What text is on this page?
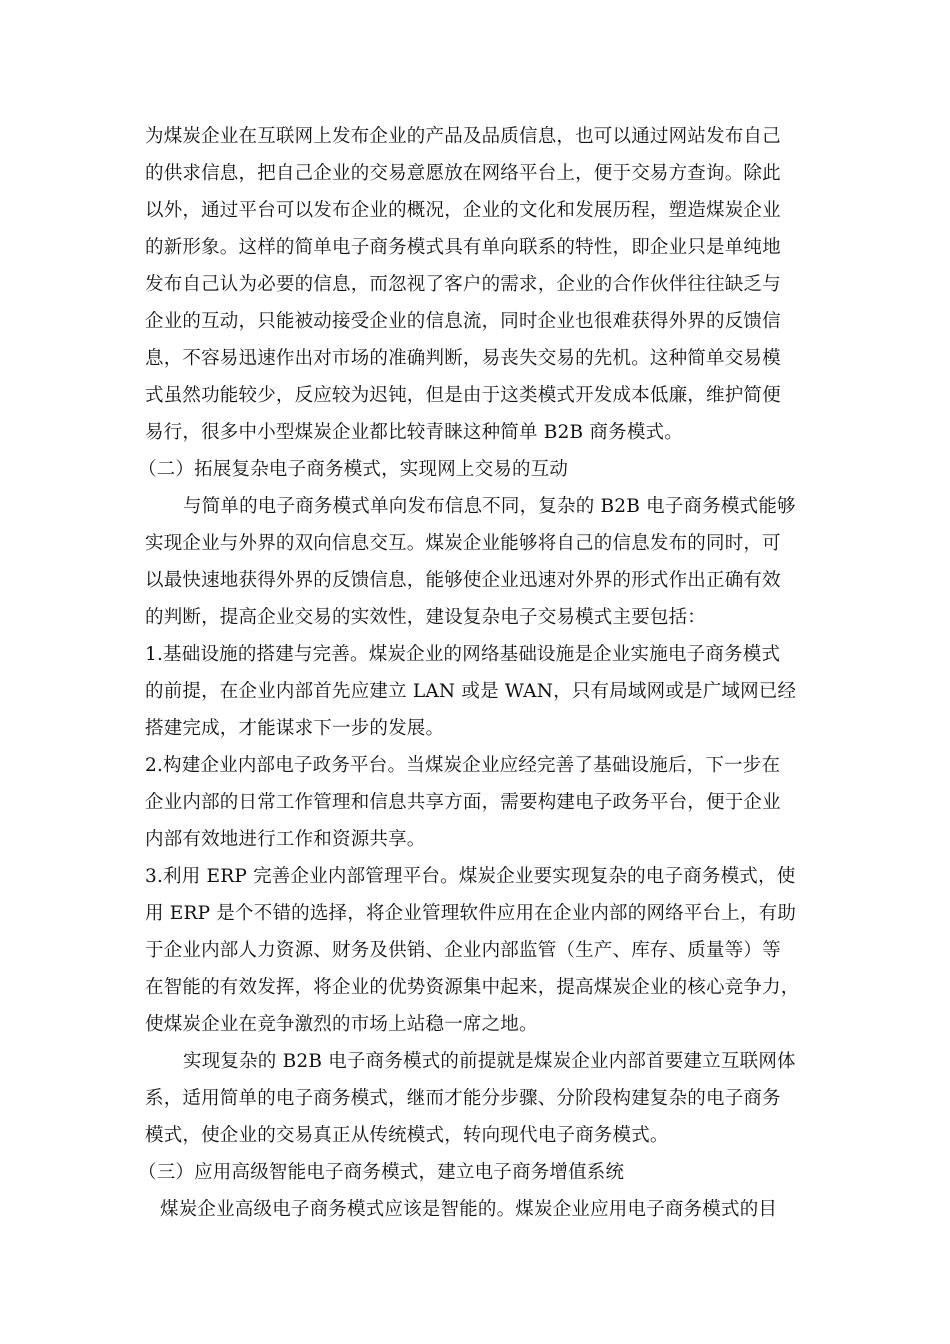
为煤炭企业在互联网上发布企业的产品及品质信息，也可以通过网站发布自己
的供求信息，把自己企业的交易意愿放在网络平台上，便于交易方查询。除此
以外，通过平台可以发布企业的概况，企业的文化和发展历程，塑造煤炭企业
的新形象。这样的简单电子商务模式具有单向联系的特性，即企业只是单纯地
发布自己认为必要的信息，而忽视了客户的需求，企业的合作伙伴往往缺乏与
企业的互动，只能被动接受企业的信息流，同时企业也很难获得外界的反馈信
息，不容易迅速作出对市场的准确判断，易丧失交易的先机。这种简单交易模
式虽然功能较少，反应较为迟钝，但是由于这类模式开发成本低廉，维护简便
易行，很多中小型煤炭企业都比较青睐这种简单 B2B 商务模式。
（二）拓展复杂电子商务模式，实现网上交易的互动
与简单的电子商务模式单向发布信息不同，复杂的 B2B 电子商务模式能够
实现企业与外界的双向信息交互。煤炭企业能够将自己的信息发布的同时，可
以最快速地获得外界的反馈信息，能够使企业迅速对外界的形式作出正确有效
的判断，提高企业交易的实效性，建设复杂电子交易模式主要包括：
1.基础设施的搭建与完善。煤炭企业的网络基础设施是企业实施电子商务模式
的前提，在企业内部首先应建立 LAN 或是 WAN，只有局域网或是广域网已经
搭建完成，才能谋求下一步的发展。
2.构建企业内部电子政务平台。当煤炭企业应经完善了基础设施后，下一步在
企业内部的日常工作管理和信息共享方面，需要构建电子政务平台，便于企业
内部有效地进行工作和资源共享。
3.利用 ERP 完善企业内部管理平台。煤炭企业要实现复杂的电子商务模式，使
用 ERP 是个不错的选择，将企业管理软件应用在企业内部的网络平台上，有助
于企业内部人力资源、财务及供销、企业内部监管（生产、库存、质量等）等
在智能的有效发挥，将企业的优势资源集中起来，提高煤炭企业的核心竞争力，
使煤炭企业在竞争激烈的市场上站稳一席之地。
实现复杂的 B2B 电子商务模式的前提就是煤炭企业内部首要建立互联网体
系，适用简单的电子商务模式，继而才能分步骤、分阶段构建复杂的电子商务
模式，使企业的交易真正从传统模式，转向现代电子商务模式。
（三）应用高级智能电子商务模式，建立电子商务增值系统
煤炭企业高级电子商务模式应该是智能的。煤炭企业应用电子商务模式的目
